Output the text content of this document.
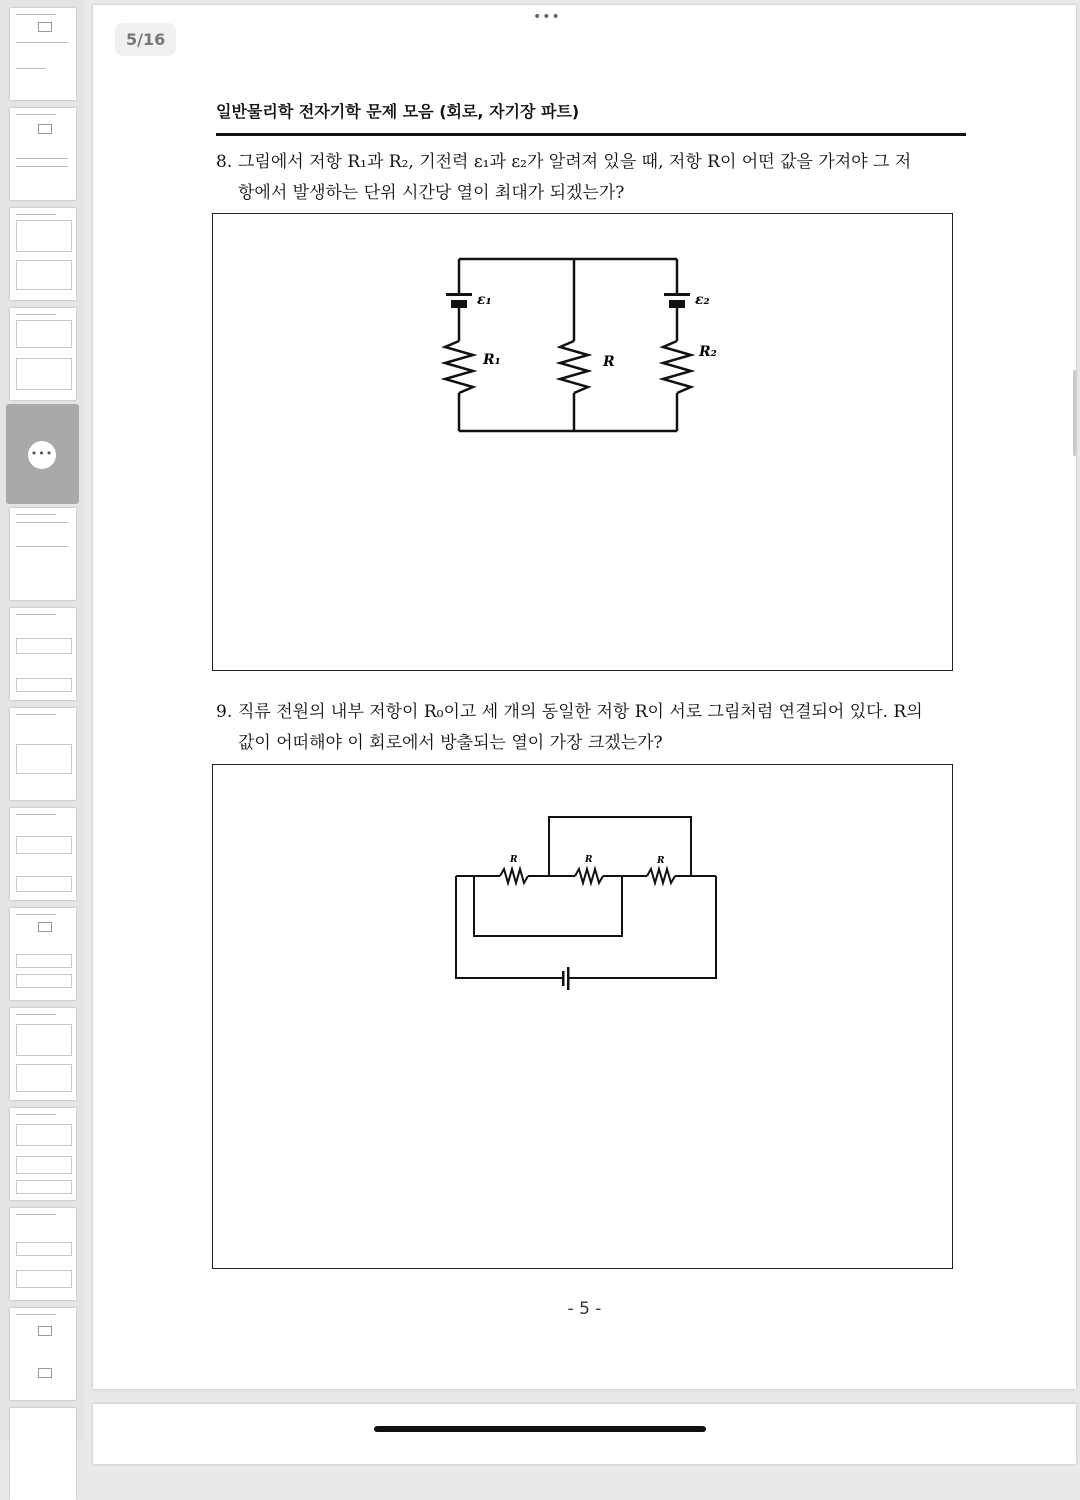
•••
•••
5/16
일반물리학 전자기학 문제 모음 (회로, 자기장 파트)
8. 그림에서 저항 R₁과 R₂, 기전력 ε₁과 ε₂가 알려져 있을 때, 저항 R이 어떤 값을 가져야 그 저
항에서 발생하는 단위 시간당 열이 최대가 되겠는가?
ε₁	ε₂
R₁	R
R₂
9. 직류 전원의 내부 저항이 R₀이고 세 개의 동일한 저항 R이 서로 그림처럼 연결되어 있다. R의
값이 어떠해야 이 회로에서 방출되는 열이 가장 크겠는가?
R	R	R
- 5 -
